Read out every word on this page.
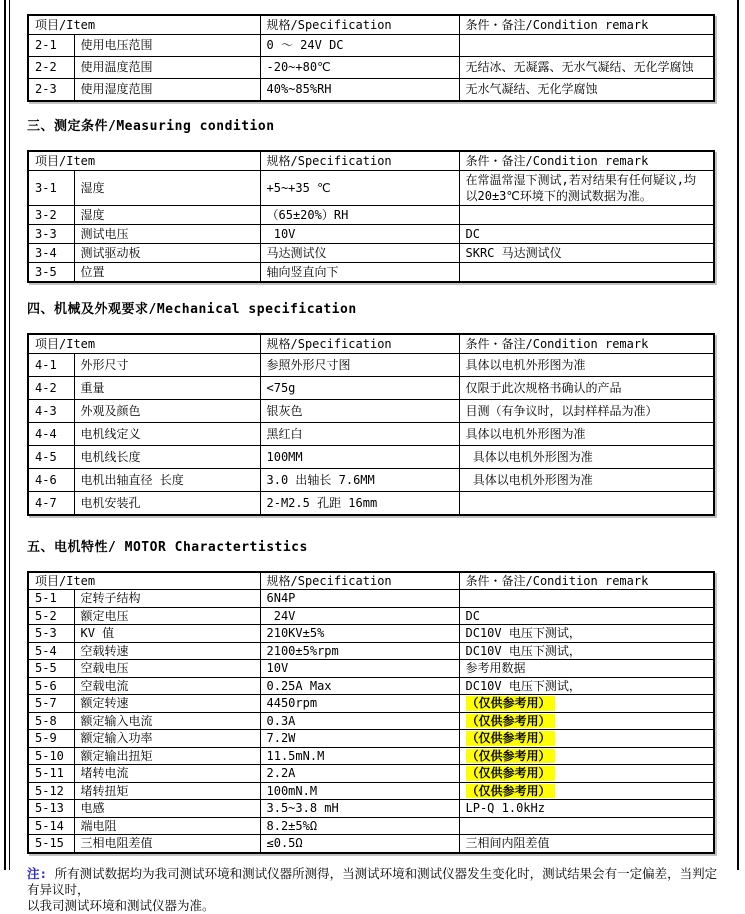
项目/Item		规格/Specification	条件・备注/Condition remark
2-1	使用电压范围	0 ～ 24V DC	
2-2	使用温度范围	-20~+80℃	无结冰、无凝露、无水气凝结、无化学腐蚀
2-3	使用湿度范围	40%~85%RH	无水气凝结、无化学腐蚀
三、测定条件/Measuring condition
项目/Item		规格/Specification	条件・备注/Condition remark
3-1	湿度	+5~+35 ℃	在常温常湿下测试,若对结果有任何疑议,均以20±3℃环境下的测试数据为准。
3-2	湿度	（65±20%）RH	
3-3	测试电压	10V	DC
3-4	测试驱动板	马达测试仪	SKRC 马达测试仪
3-5	位置	轴向竖直向下	
四、机械及外观要求/Mechanical specification
项目/Item		规格/Specification	条件・备注/Condition remark
4-1	外形尺寸	参照外形尺寸图	具体以电机外形图为准
4-2	重量	<75g	仅限于此次规格书确认的产品
4-3	外观及颜色	银灰色	目测（有争议时，以封样样品为准）
4-4	电机线定义	黑红白	具体以电机外形图为准
4-5	电机线长度	100MM	具体以电机外形图为准
4-6	电机出轴直径 长度	3.0 出轴长 7.6MM	具体以电机外形图为准
4-7	电机安装孔	2-M2.5 孔距 16mm	
五、电机特性/ MOTOR Charactertistics
项目/Item		规格/Specification	条件・备注/Condition remark
5-1	定转子结构	6N4P	
5-2	额定电压	24V	DC
5-3	KV 值	210KV±5%	DC10V 电压下测试，
5-4	空载转速	2100±5%rpm	DC10V 电压下测试，
5-5	空载电压	10V	参考用数据
5-6	空载电流	0.25A Max	DC10V 电压下测试，
5-7	额定转速	4450rpm	（仅供参考用）
5-8	额定输入电流	0.3A	（仅供参考用）
5-9	额定输入功率	7.2W	（仅供参考用）
5-10	额定输出扭矩	11.5mN.M	（仅供参考用）
5-11	堵转电流	2.2A	（仅供参考用）
5-12	堵转扭矩	100mN.M	（仅供参考用）
5-13	电感	3.5~3.8 mH	LP-Q 1.0kHz
5-14	端电阻	8.2±5%Ω	
5-15	三相电阻差值	≤0.5Ω	三相间内阻差值
注: 所有测试数据均为我司测试环境和测试仪器所测得，当测试环境和测试仪器发生变化时，测试结果会有一定偏差，当判定有异议时，
以我司测试环境和测试仪器为准。
